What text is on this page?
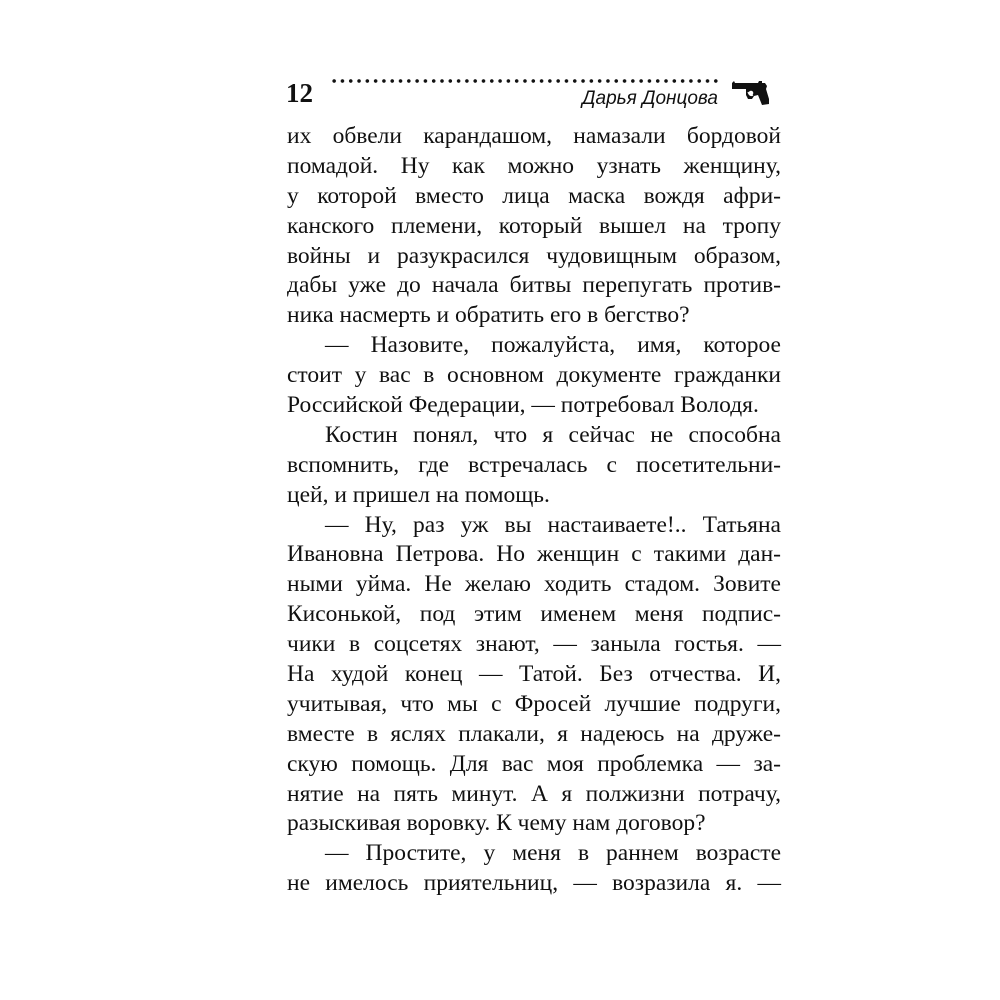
12	Дарья Донцова
их обвели карандашом, намазали бордовой
помадой. Ну как можно узнать женщину,
у которой вместо лица маска вождя афри-
канского племени, который вышел на тропу
войны и разукрасился чудовищным образом,
дабы уже до начала битвы перепугать против-
ника насмерть и обратить его в бегство?
— Назовите, пожалуйста, имя, которое
стоит у вас в основном документе гражданки
Российской Федерации, — потребовал Володя.
Костин понял, что я сейчас не способна
вспомнить, где встречалась с посетительни-
цей, и пришел на помощь.
— Ну, раз уж вы настаиваете!.. Татьяна
Ивановна Петрова. Но женщин с такими дан-
ными уйма. Не желаю ходить стадом. Зовите
Кисонькой, под этим именем меня подпис-
чики в соцсетях знают, — заныла гостья. —
На худой конец — Татой. Без отчества. И,
учитывая, что мы с Фросей лучшие подруги,
вместе в яслях плакали, я надеюсь на друже-
скую помощь. Для вас моя проблемка — за-
нятие на пять минут. А я полжизни потрачу,
разыскивая воровку. К чему нам договор?
— Простите, у меня в раннем возрасте
не имелось приятельниц, — возразила я. —
